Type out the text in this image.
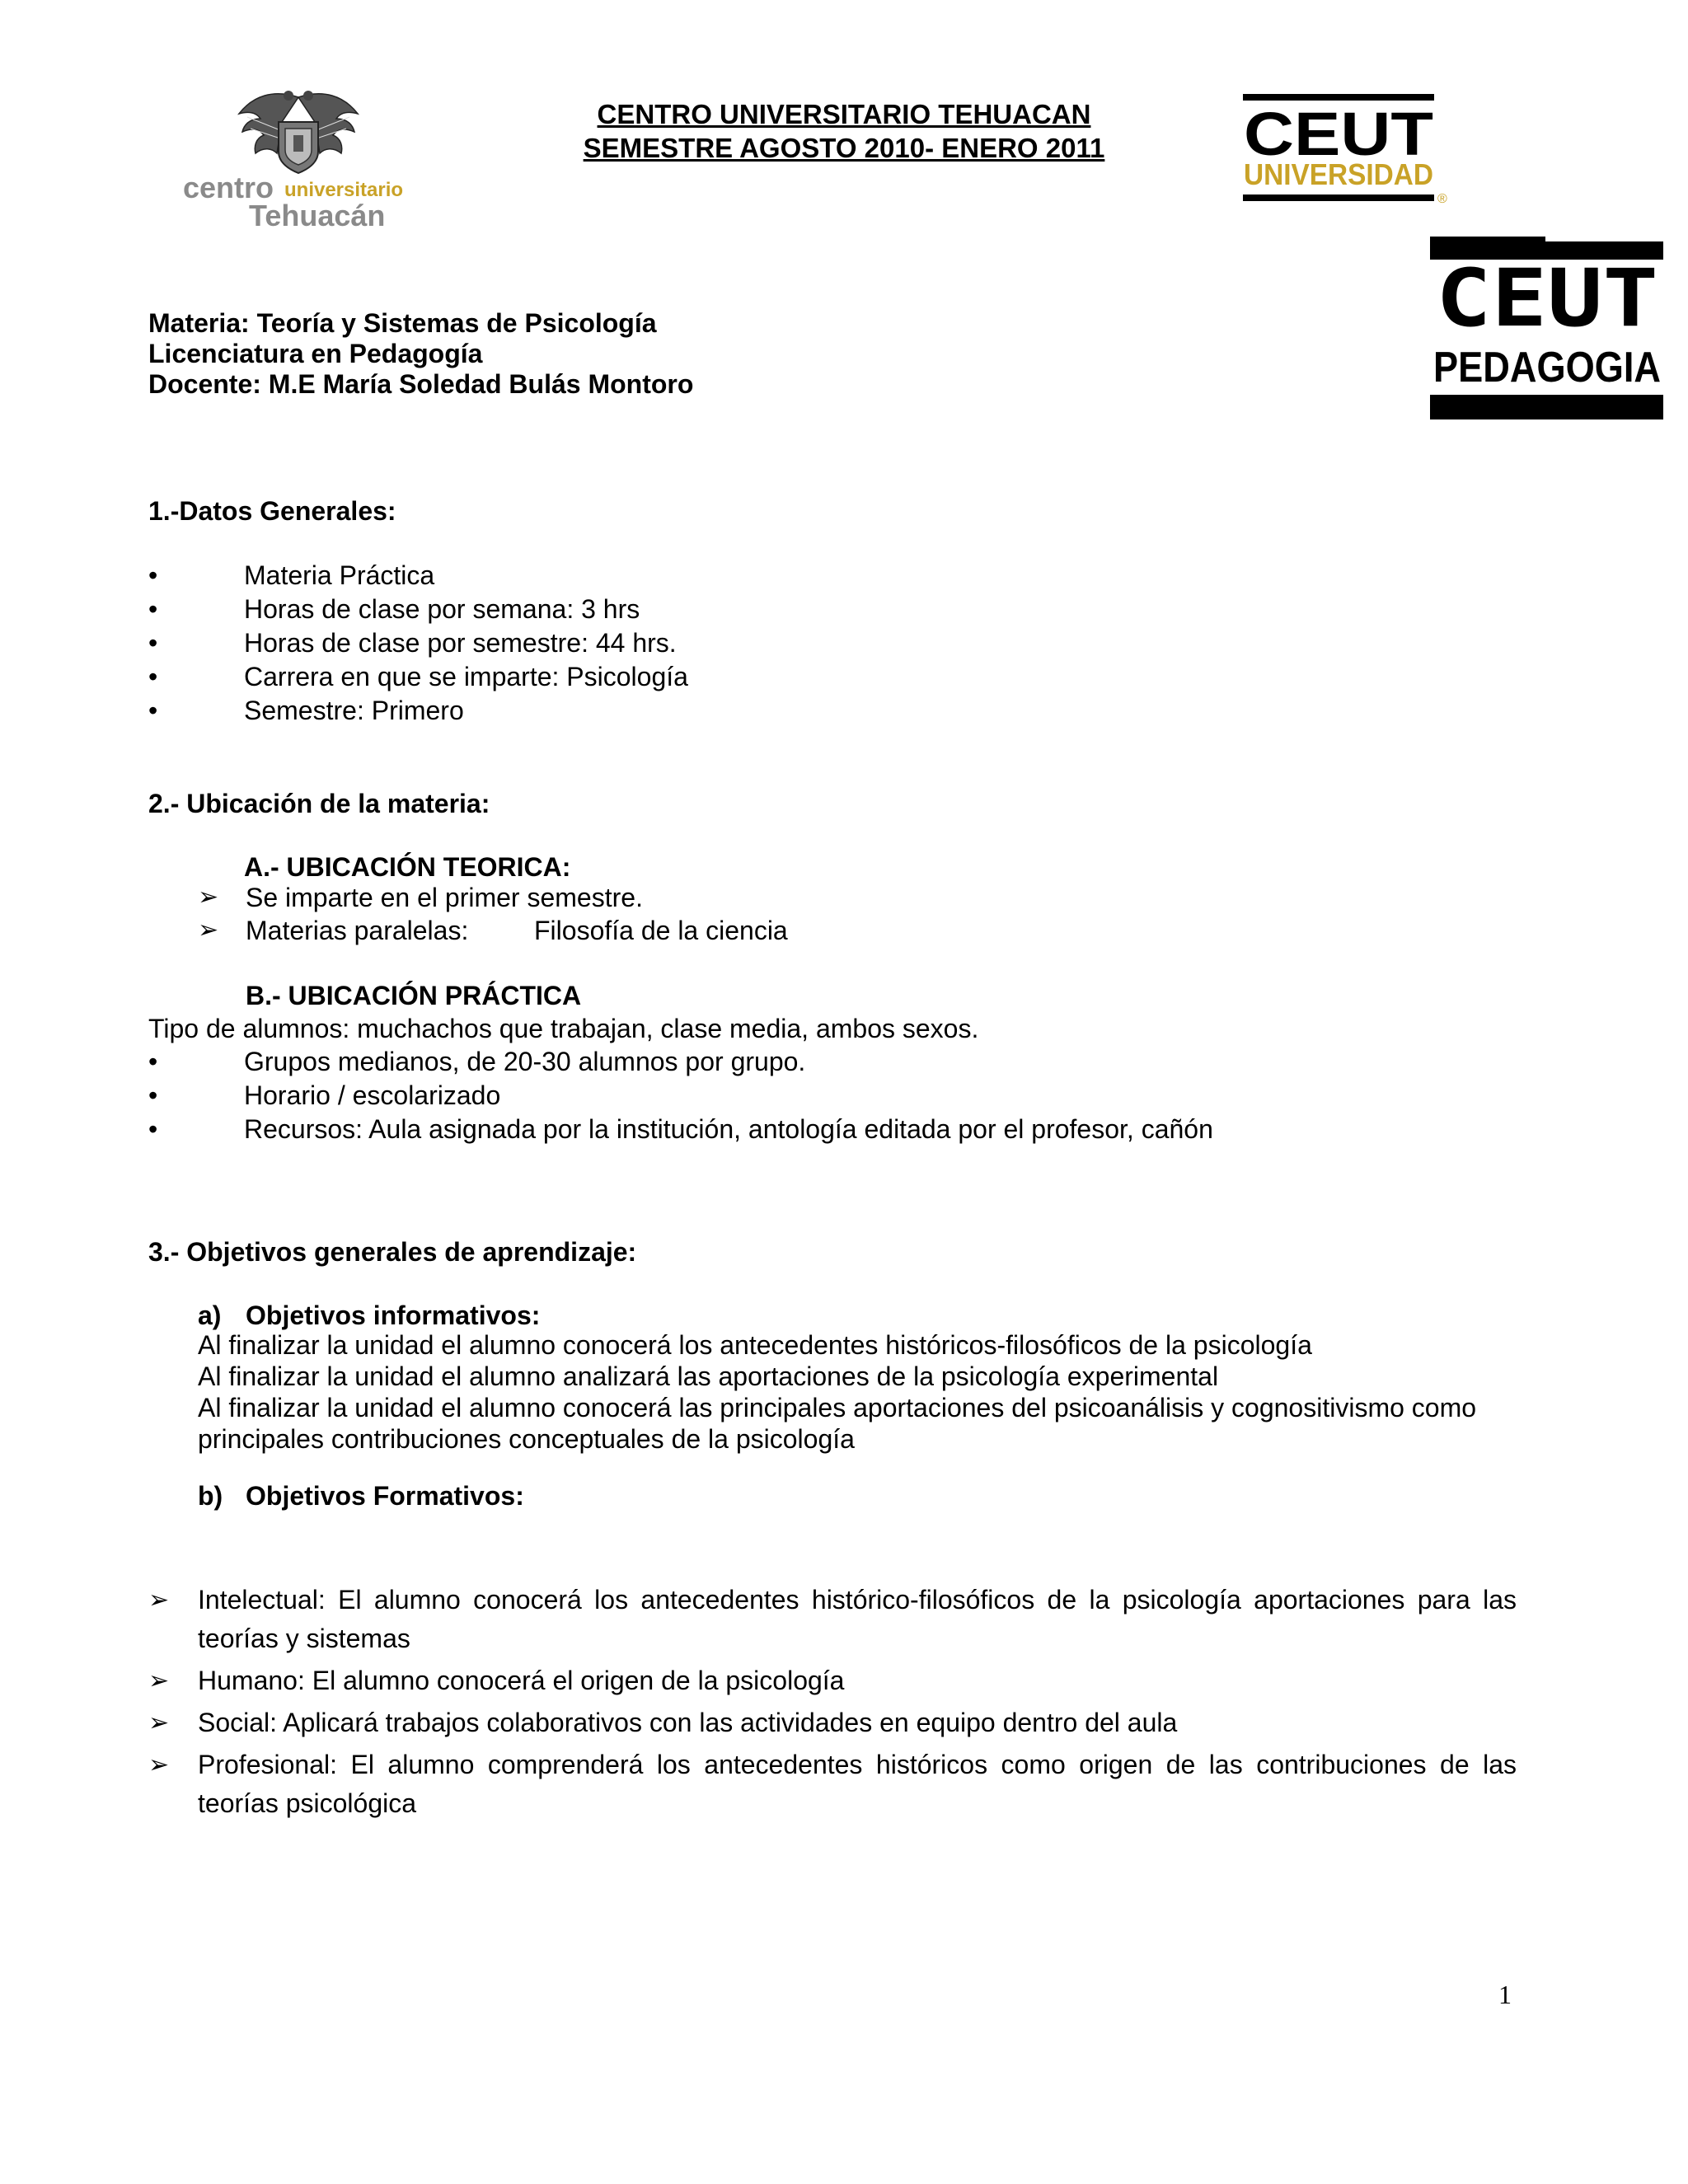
CENTRO UNIVERSITARIO TEHUACAN
SEMESTRE AGOSTO 2010- ENERO 2011
centro universitario
Tehuacán
CEUT
UNIVERSIDAD
®
CEUT
PEDAGOGIA
Materia: Teoría y Sistemas de Psicología
Licenciatura en Pedagogía
Docente: M.E María Soledad Bulás Montoro
1.-Datos Generales:
•	Materia Práctica
•	Horas de clase por semana: 3 hrs
•	Horas de clase por semestre: 44 hrs.
•	Carrera en que se imparte: Psicología
•	Semestre: Primero
2.- Ubicación de la materia:
A.- UBICACIÓN TEORICA:
➢ Se imparte en el primer semestre.
➢ Materias paralelas: Filosofía de la ciencia
B.- UBICACIÓN PRÁCTICA
Tipo de alumnos: muchachos que trabajan, clase media, ambos sexos.
•	Grupos medianos, de 20-30 alumnos por grupo.
•	Horario / escolarizado
•	Recursos: Aula asignada por la institución, antología editada por el profesor, cañón
3.- Objetivos generales de aprendizaje:
a) Objetivos informativos:
Al finalizar la unidad el alumno conocerá los antecedentes históricos-filosóficos de la psicología
Al finalizar la unidad el alumno analizará las aportaciones de la psicología experimental
Al finalizar la unidad el alumno conocerá las principales aportaciones del psicoanálisis y cognositivismo como
principales contribuciones conceptuales de la psicología
b) Objetivos Formativos:
➢ Intelectual: El alumno conocerá los antecedentes histórico-filosóficos de la psicología aportaciones para las teorías y sistemas
➢ Humano: El alumno conocerá el origen de la psicología
➢ Social: Aplicará trabajos colaborativos con las actividades en equipo dentro del aula
➢ Profesional: El alumno comprenderá los antecedentes históricos como origen de las contribuciones de las teorías psicológica
1
